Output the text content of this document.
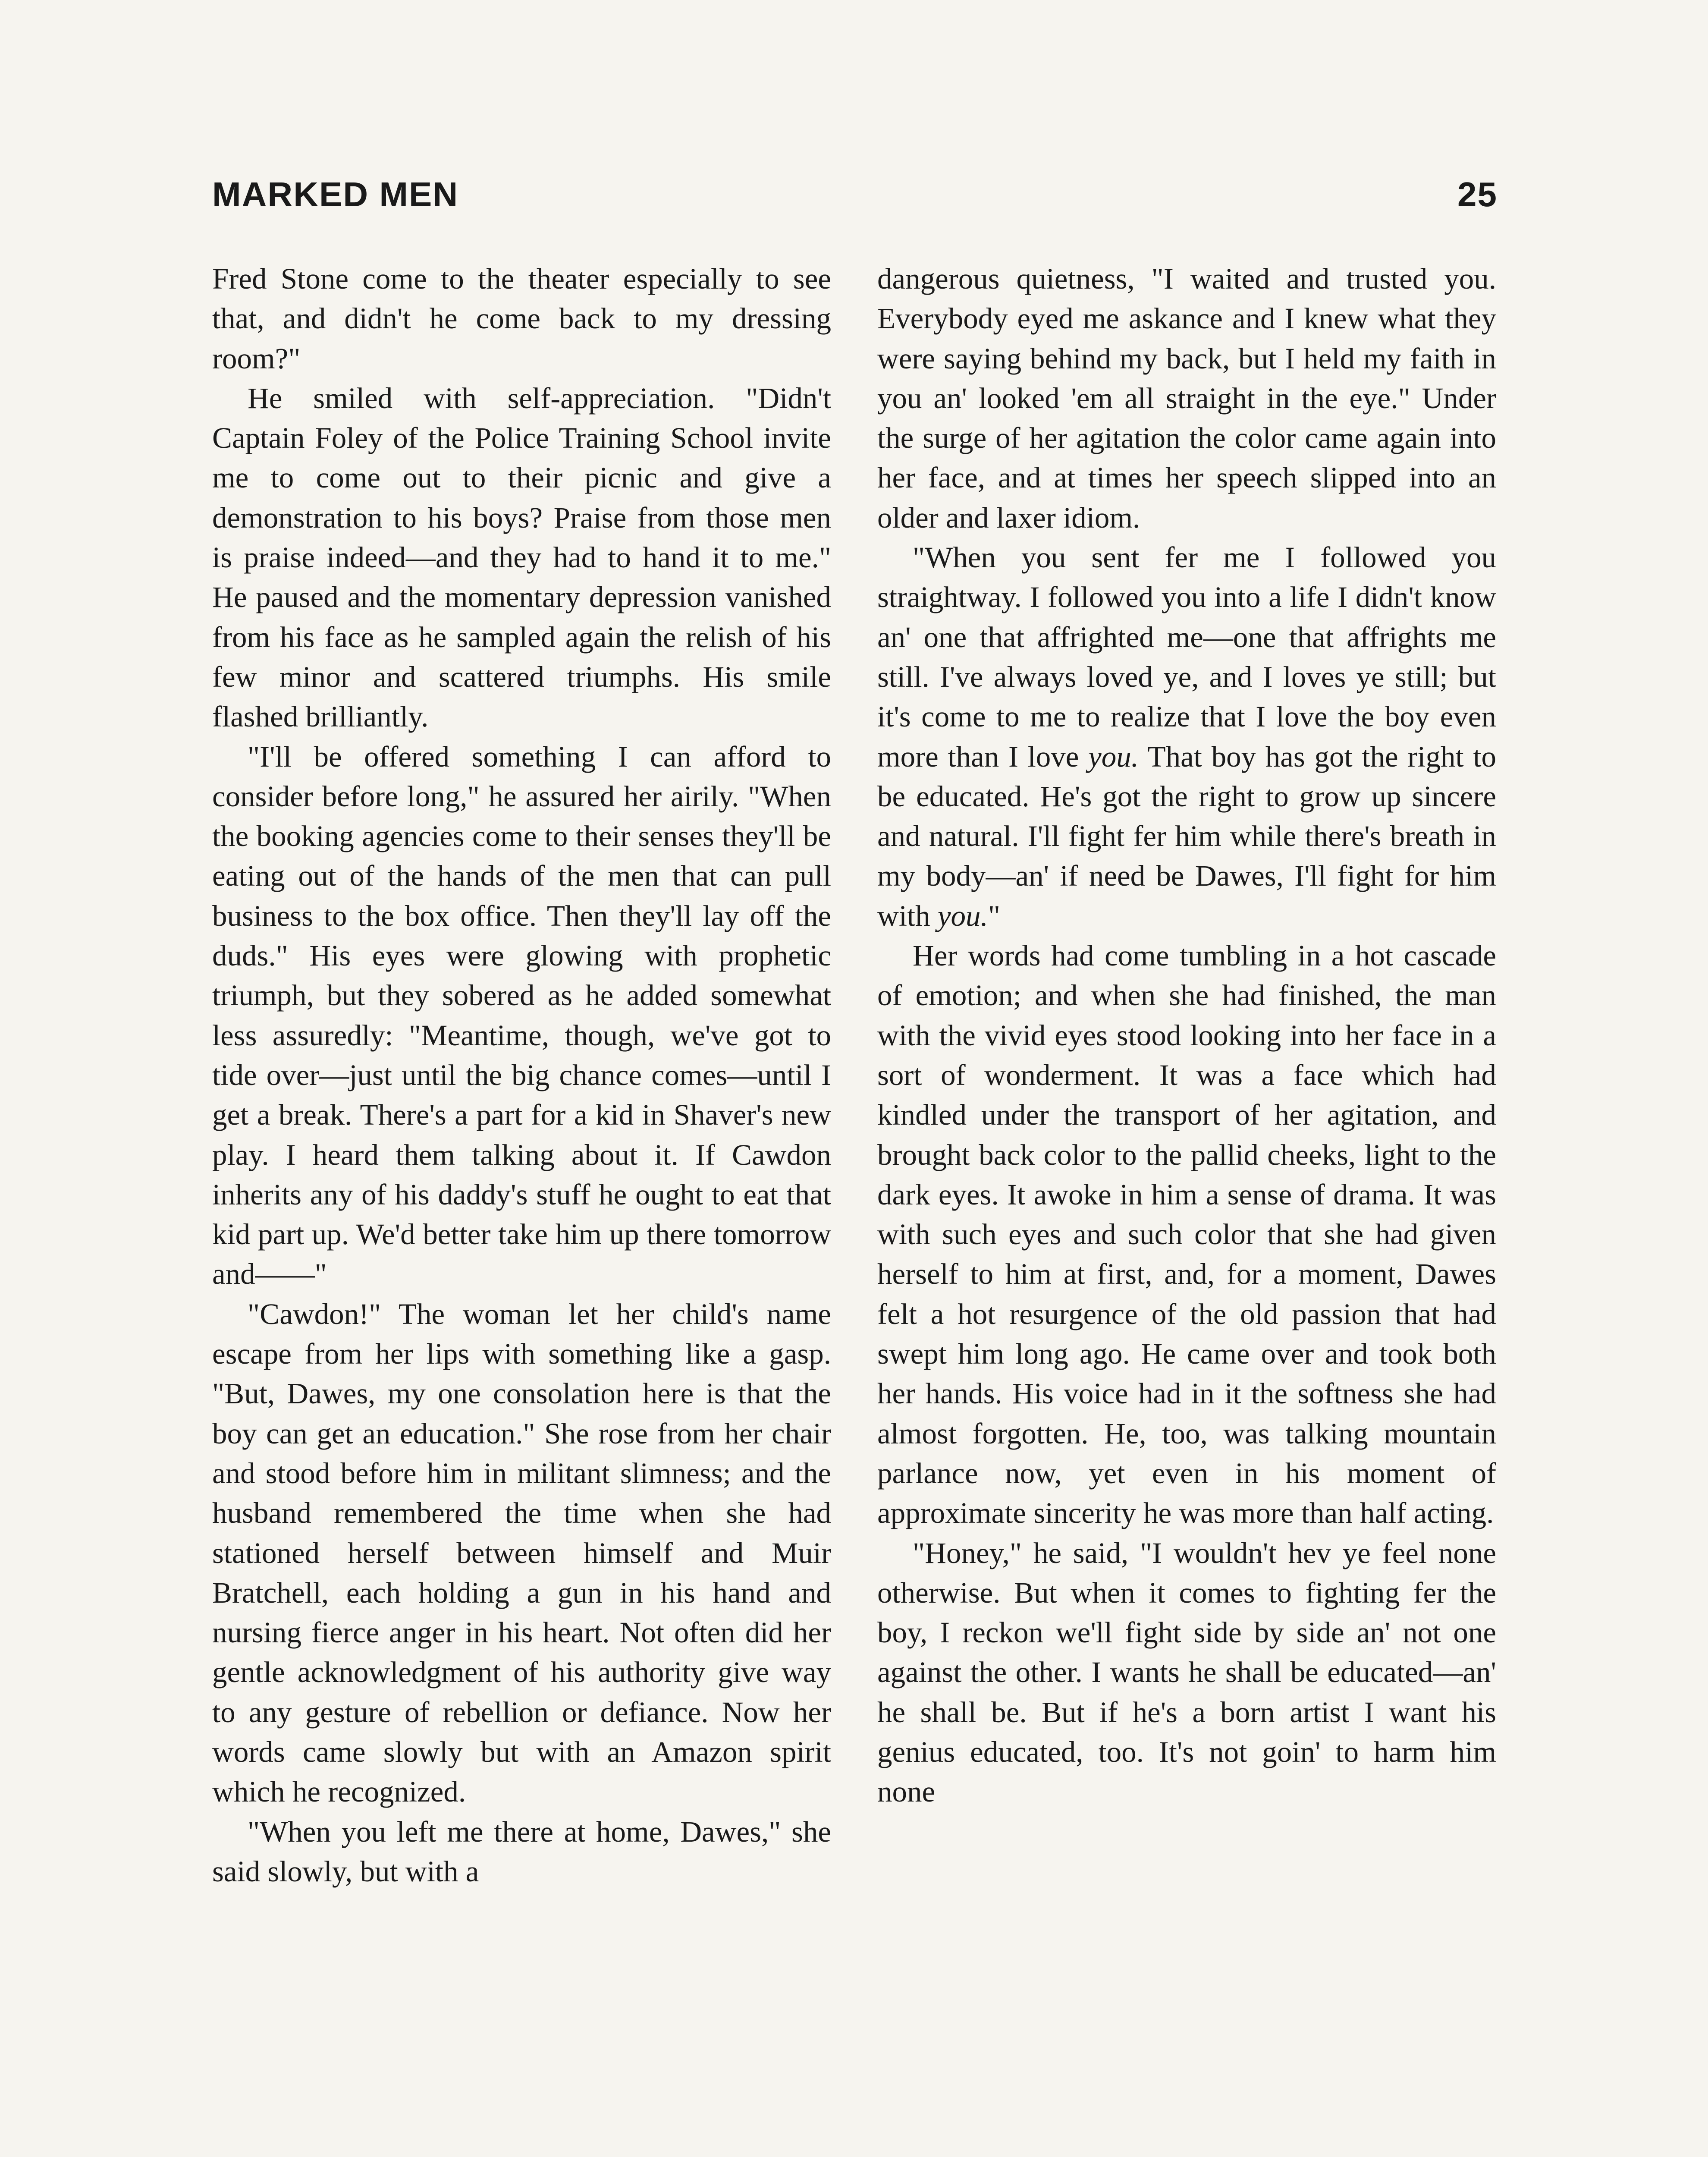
MARKED MEN	25

Fred Stone come to the theater especially to see that, and didn't he come back to my dressing room?"

He smiled with self-appreciation. "Didn't Captain Foley of the Police Training School invite me to come out to their picnic and give a demonstration to his boys? Praise from those men is praise indeed—and they had to hand it to me." He paused and the momentary depression vanished from his face as he sampled again the relish of his few minor and scattered triumphs. His smile flashed brilliantly.

"I'll be offered something I can afford to consider before long," he assured her airily. "When the booking agencies come to their senses they'll be eating out of the hands of the men that can pull business to the box office. Then they'll lay off the duds." His eyes were glowing with prophetic triumph, but they sobered as he added somewhat less assuredly: "Meantime, though, we've got to tide over—just until the big chance comes—until I get a break. There's a part for a kid in Shaver's new play. I heard them talking about it. If Cawdon inherits any of his daddy's stuff he ought to eat that kid part up. We'd better take him up there tomorrow and——"

"Cawdon!" The woman let her child's name escape from her lips with something like a gasp. "But, Dawes, my one consolation here is that the boy can get an education." She rose from her chair and stood before him in militant slimness; and the husband remembered the time when she had stationed herself between himself and Muir Bratchell, each holding a gun in his hand and nursing fierce anger in his heart. Not often did her gentle acknowledgment of his authority give way to any gesture of rebellion or defiance. Now her words came slowly but with an Amazon spirit which he recognized.

"When you left me there at home, Dawes," she said slowly, but with a

dangerous quietness, "I waited and trusted you. Everybody eyed me askance and I knew what they were saying behind my back, but I held my faith in you an' looked 'em all straight in the eye." Under the surge of her agitation the color came again into her face, and at times her speech slipped into an older and laxer idiom.

"When you sent fer me I followed you straightway. I followed you into a life I didn't know an' one that affrighted me—one that affrights me still. I've always loved ye, and I loves ye still; but it's come to me to realize that I love the boy even more than I love you. That boy has got the right to be educated. He's got the right to grow up sincere and natural. I'll fight fer him while there's breath in my body—an' if need be Dawes, I'll fight for him with you."

Her words had come tumbling in a hot cascade of emotion; and when she had finished, the man with the vivid eyes stood looking into her face in a sort of wonderment. It was a face which had kindled under the transport of her agitation, and brought back color to the pallid cheeks, light to the dark eyes. It awoke in him a sense of drama. It was with such eyes and such color that she had given herself to him at first, and, for a moment, Dawes felt a hot resurgence of the old passion that had swept him long ago. He came over and took both her hands. His voice had in it the softness she had almost forgotten. He, too, was talking mountain parlance now, yet even in his moment of approximate sincerity he was more than half acting.

"Honey," he said, "I wouldn't hev ye feel none otherwise. But when it comes to fighting fer the boy, I reckon we'll fight side by side an' not one against the other. I wants he shall be educated—an' he shall be. But if he's a born artist I want his genius educated, too. It's not goin' to harm him none
